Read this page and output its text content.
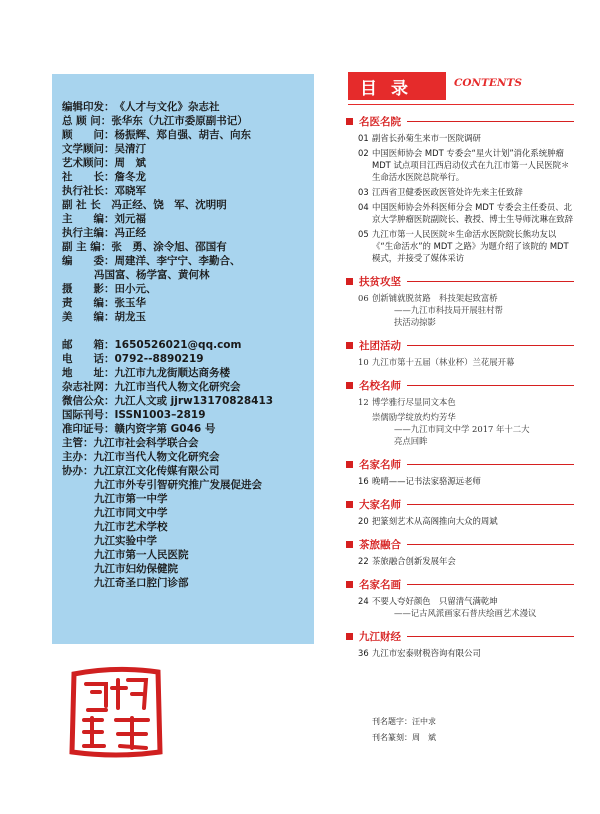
编辑印发：《人才与文化》杂志社
总 顾 问：张华东（九江市委原副书记）
顾　　问：杨振辉、郑自强、胡吉、向东
文学顾问：吴清汀
艺术顾问：周　斌
社　　长：詹冬龙
执行社长：邓晓军
副 社 长　冯正经、饶　军、沈明明
主　　编：刘元福
执行主编：冯正经
副 主 编：张　勇、涂令旭、邵国有
编　　委：周建洋、李宁宁、李勤合、
冯国富、杨学富、黄何林
摄　　影：田小元、
责　　编：张玉华
美　　编：胡龙玉
邮　　箱：1650526021@qq.com
电　　话：0792--8890219
地　　址：九江市九龙街顺达商务楼
杂志社网：九江市当代人物文化研究会
微信公众：九江人文或 jjrw13170828413
国际刊号：ISSN1003–2819
准印证号：赣内资字第 G046 号
主管：九江市社会科学联合会
主办：九江市当代人物文化研究会
协办：九江京江文化传媒有限公司
九江市外专引智研究推广发展促进会
九江市第一中学
九江市同文中学
九江市艺术学校
九江实验中学
九江市第一人民医院
九江市妇幼保健院
九江奇圣口腔门诊部
目录	CONTENTS
名医名院
01 副省长孙菊生来市一医院调研
02 中国医师协会 MDT 专委会“星火计划”消化系统肿瘤 MDT 试点项目江西启动仪式在九江市第一人民医院＊生命活水医院总院举行。
03 江西省卫健委医政医管处许先来主任致辞
04 中国医师协会外科医师分会 MDT 专委会主任委员、北京大学肿瘤医院副院长、教授、博士生导师沈琳在致辞
05 九江市第一人民医院＊生命活水医院院长熊功友以《“生命活水”的 MDT 之路》为题介绍了该院的 MDT 模式，并接受了媒体采访
扶贫攻坚
06 创新铺就脱贫路　科技架起致富桥
——九江市科技局开展驻村帮
扶活动掠影
社团活动
10 九江市第十五届（林业杯）兰花展开幕
名校名师
12 博学雅行尽显同文本色
崇儒励学绽放灼灼芳华
——九江市同文中学 2017 年十二大
亮点回眸
名家名师
16 晚晴——记书法家骆源远老师
大家名师
20 把篆刻艺术从高阁推向大众的周斌
茶旅融合
22 茶旅融合创新发展年会
名家名画
24 不要人夸好颜色　只留清气满乾坤
——记古风派画家石普庆绘画艺术漫议
九江财经
36 九江市宏泰财税咨询有限公司
刊名题字：汪中求
刊名篆刻：周　斌
